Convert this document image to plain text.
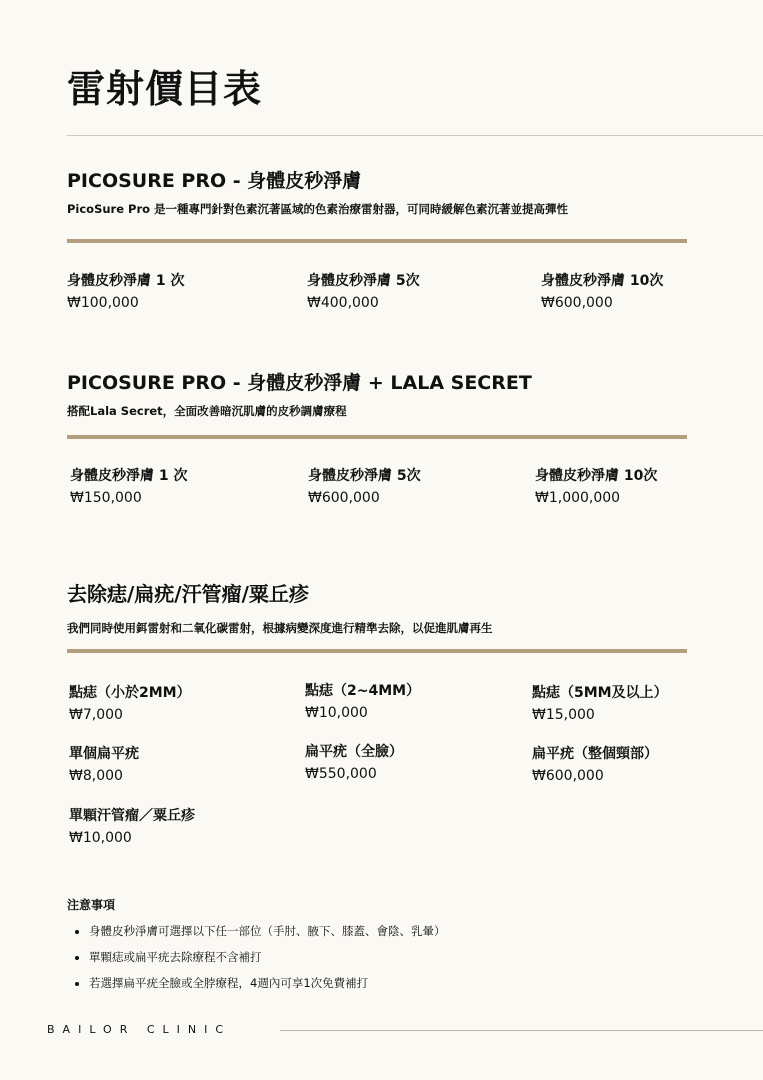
雷射價目表
PICOSURE PRO - 身體皮秒淨膚

PicoSure Pro 是一種專門針對色素沉著區域的色素治療雷射器，可同時緩解色素沉著並提高彈性

身體皮秒淨膚 1 次
₩100,000
身體皮秒淨膚 5次
₩400,000
身體皮秒淨膚 10次
₩600,000
PICOSURE PRO - 身體皮秒淨膚 + LALA SECRET

搭配Lala Secret，全面改善暗沉肌膚的皮秒調膚療程

身體皮秒淨膚 1 次
₩150,000
身體皮秒淨膚 5次
₩600,000
身體皮秒淨膚 10次
₩1,000,000
去除痣/扁疣/汗管瘤/粟丘疹

我們同時使用鉺雷射和二氧化碳雷射，根據病變深度進行精準去除，以促進肌膚再生

點痣（小於2MM）
₩7,000
點痣（2~4MM）
₩10,000
點痣（5MM及以上）
₩15,000
單個扁平疣
₩8,000
扁平疣（全臉）
₩550,000
扁平疣（整個頸部）
₩600,000
單顆汗管瘤／粟丘疹
₩10,000

注意事項

• 身體皮秒淨膚可選擇以下任一部位（手肘、腋下、膝蓋、會陰、乳暈）
• 單顆痣或扁平疣去除療程不含補打
• 若選擇扁平疣全臉或全脖療程，4週內可享1次免費補打
BAILOR CLINIC
